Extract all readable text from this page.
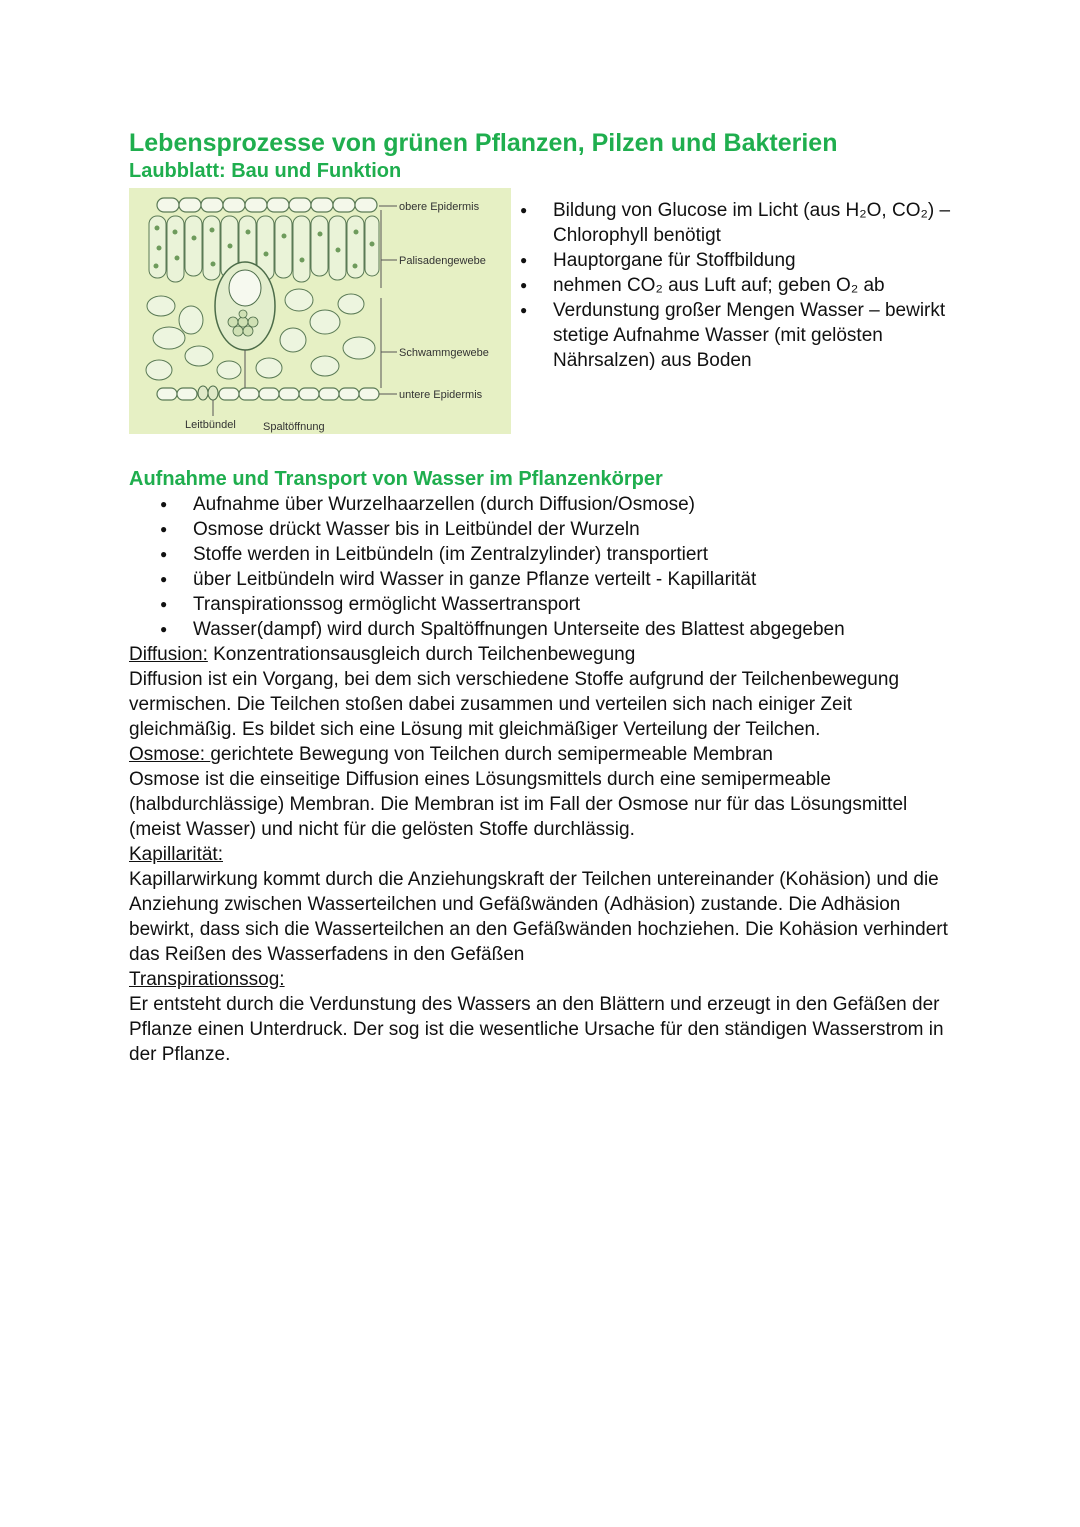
Lebensprozesse von grünen Pflanzen, Pilzen und Bakterien
Laubblatt: Bau und Funktion
obere Epidermis
Palisadengewebe
Schwammgewebe
untere Epidermis
Leitbündel Spaltöffnung
● Bildung von Glucose im Licht (aus H₂O, CO₂) – Chlorophyll benötigt
● Hauptorgane für Stoffbildung
● nehmen CO₂ aus Luft auf; geben O₂ ab
● Verdunstung großer Mengen Wasser – bewirkt stetige Aufnahme Wasser (mit gelösten Nährsalzen) aus Boden
Aufnahme und Transport von Wasser im Pflanzenkörper
● Aufnahme über Wurzelhaarzellen (durch Diffusion/Osmose)
● Osmose drückt Wasser bis in Leitbündel der Wurzeln
● Stoffe werden in Leitbündeln (im Zentralzylinder) transportiert
● über Leitbündeln wird Wasser in ganze Pflanze verteilt - Kapillarität
● Transpirationssog ermöglicht Wassertransport
● Wasser(dampf) wird durch Spaltöffnungen Unterseite des Blattest abgegeben

Diffusion: Konzentrationsausgleich durch Teilchenbewegung

Diffusion ist ein Vorgang, bei dem sich verschiedene Stoffe aufgrund der Teilchenbewegung vermischen. Die Teilchen stoßen dabei zusammen und verteilen sich nach einiger Zeit gleichmäßig. Es bildet sich eine Lösung mit gleichmäßiger Verteilung der Teilchen.

Osmose: gerichtete Bewegung von Teilchen durch semipermeable Membran

Osmose ist die einseitige Diffusion eines Lösungsmittels durch eine semipermeable (halbdurchlässige) Membran. Die Membran ist im Fall der Osmose nur für das Lösungsmittel (meist Wasser) und nicht für die gelösten Stoffe durchlässig.

Kapillarität:

Kapillarwirkung kommt durch die Anziehungskraft der Teilchen untereinander (Kohäsion) und die Anziehung zwischen Wasserteilchen und Gefäßwänden (Adhäsion) zustande. Die Adhäsion bewirkt, dass sich die Wasserteilchen an den Gefäßwänden hochziehen. Die Kohäsion verhindert das Reißen des Wasserfadens in den Gefäßen

Transpirationssog:

Er entsteht durch die Verdunstung des Wassers an den Blättern und erzeugt in den Gefäßen der Pflanze einen Unterdruck. Der sog ist die wesentliche Ursache für den ständigen Wasserstrom in der Pflanze.
